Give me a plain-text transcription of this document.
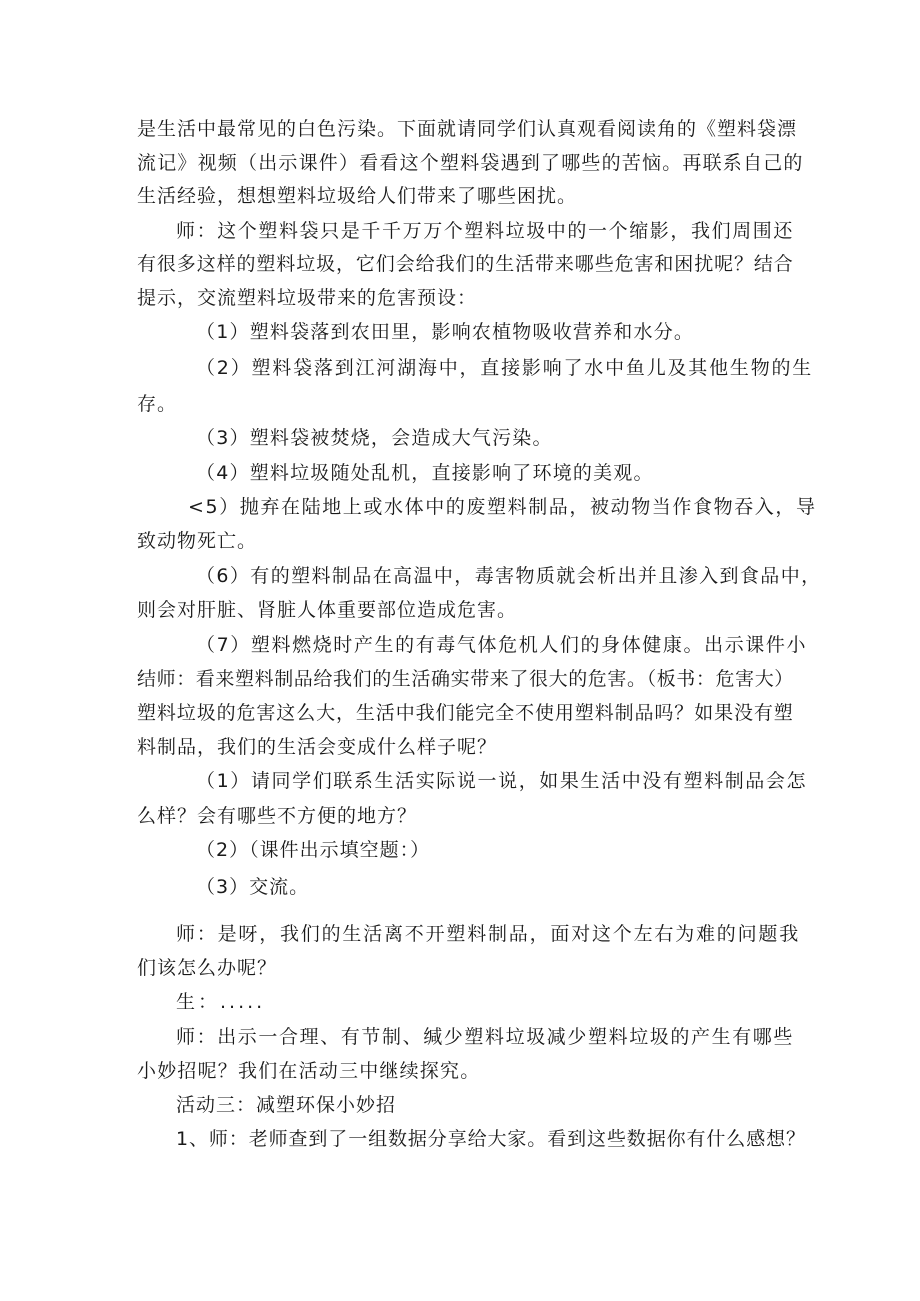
是生活中最常见的白色污染。下面就请同学们认真观看阅读角的《塑料袋漂
流记》视频（出示课件）看看这个塑料袋遇到了哪些的苦恼。再联系自己的
生活经验，想想塑料垃圾给人们带来了哪些困扰。
师：这个塑料袋只是千千万万个塑料垃圾中的一个缩影，我们周围还
有很多这样的塑料垃圾，它们会给我们的生活带来哪些危害和困扰呢？结合
提示，交流塑料垃圾带来的危害预设：
（1）塑料袋落到农田里，影响农植物吸收营养和水分。
（2）塑料袋落到江河湖海中，直接影响了水中鱼儿及其他生物的生
存。
（3）塑料袋被焚烧，会造成大气污染。
（4）塑料垃圾随处乱机，直接影响了环境的美观。
<5）抛弃在陆地上或水体中的废塑料制品，被动物当作食物吞入，导
致动物死亡。
（6）有的塑料制品在高温中，毒害物质就会析出并且渗入到食品中，
则会对肝脏、肾脏人体重要部位造成危害。
（7）塑料燃烧时产生的有毒气体危机人们的身体健康。出示课件小
结师：看来塑料制品给我们的生活确实带来了很大的危害。（板书：危害大）
塑料垃圾的危害这么大，生活中我们能完全不使用塑料制品吗？如果没有塑
料制品，我们的生活会变成什么样子呢？
（1）请同学们联系生活实际说一说，如果生活中没有塑料制品会怎
么样？会有哪些不方便的地方？
（2）（课件出示填空题：）
（3）交流。
师：是呀，我们的生活离不开塑料制品，面对这个左右为难的问题我
们该怎么办呢？
生：.....
师：出示一合理、有节制、缄少塑料垃圾减少塑料垃圾的产生有哪些
小妙招呢？我们在活动三中继续探究。
活动三：减塑环保小妙招
1、师：老师查到了一组数据分享给大家。看到这些数据你有什么感想？
